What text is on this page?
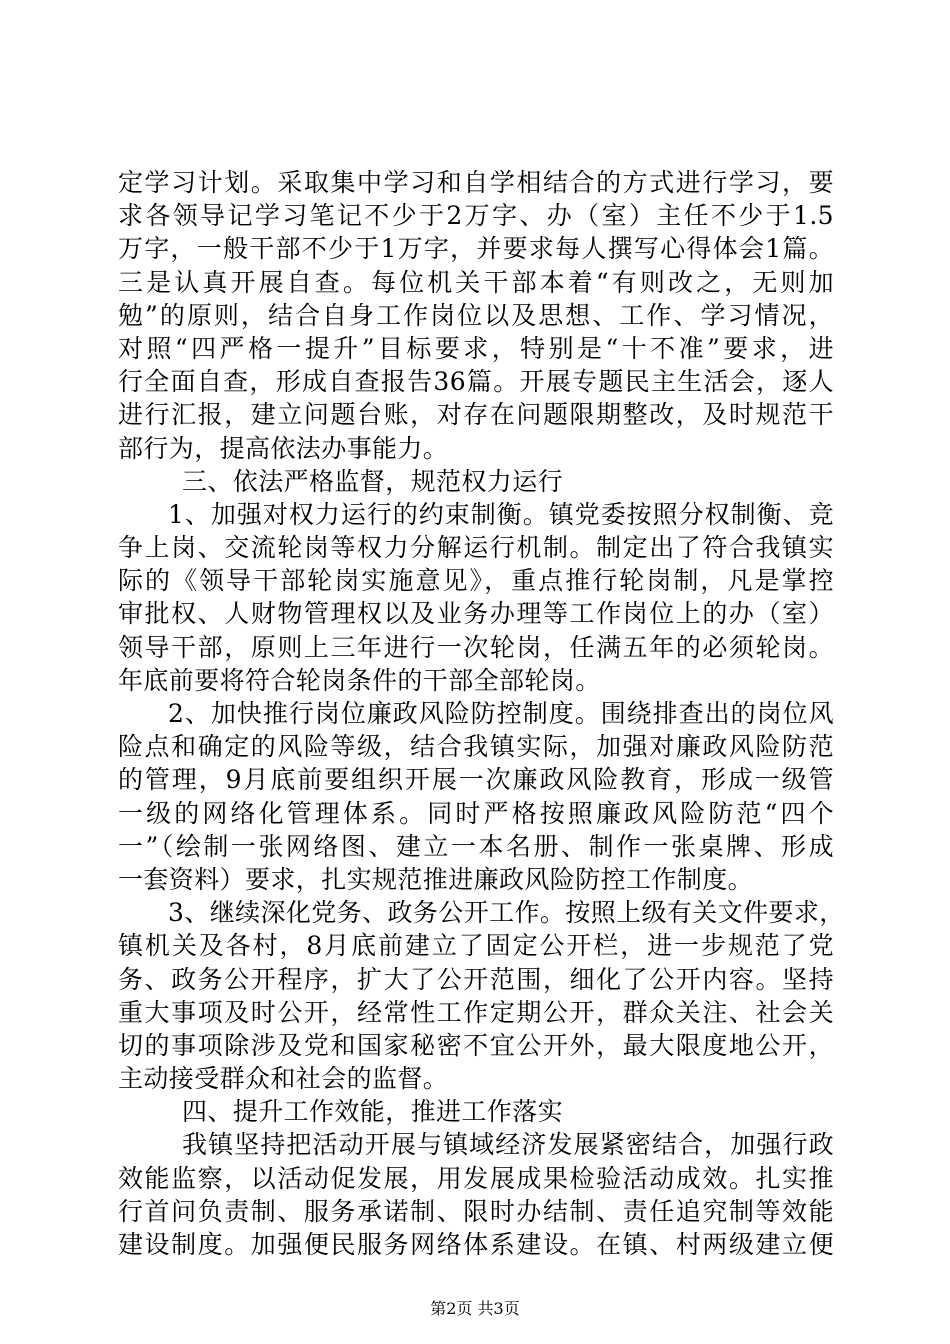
定学习计划。采取集中学习和自学相结合的方式进行学习，要
求各领导记学习笔记不少于2万字、办（室）主任不少于1.5
万字，一般干部不少于1万字，并要求每人撰写心得体会1篇。
三是认真开展自查。每位机关干部本着“有则改之，无则加
勉”的原则，结合自身工作岗位以及思想、工作、学习情况，
对照“四严格一提升”目标要求，特别是“十不准”要求，进
行全面自查，形成自查报告36篇。开展专题民主生活会，逐人
进行汇报，建立问题台账，对存在问题限期整改，及时规范干
部行为，提高依法办事能力。
三、依法严格监督，规范权力运行
1、加强对权力运行的约束制衡。镇党委按照分权制衡、竞
争上岗、交流轮岗等权力分解运行机制。制定出了符合我镇实
际的《领导干部轮岗实施意见》，重点推行轮岗制，凡是掌控
审批权、人财物管理权以及业务办理等工作岗位上的办（室）
领导干部，原则上三年进行一次轮岗，任满五年的必须轮岗。
年底前要将符合轮岗条件的干部全部轮岗。
2、加快推行岗位廉政风险防控制度。围绕排查出的岗位风
险点和确定的风险等级，结合我镇实际，加强对廉政风险防范
的管理，9月底前要组织开展一次廉政风险教育，形成一级管
一级的网络化管理体系。同时严格按照廉政风险防范“四个
一”（绘制一张网络图、建立一本名册、制作一张桌牌、形成
一套资料）要求，扎实规范推进廉政风险防控工作制度。
3、继续深化党务、政务公开工作。按照上级有关文件要求，
镇机关及各村，8月底前建立了固定公开栏，进一步规范了党
务、政务公开程序，扩大了公开范围，细化了公开内容。坚持
重大事项及时公开，经常性工作定期公开，群众关注、社会关
切的事项除涉及党和国家秘密不宜公开外，最大限度地公开，
主动接受群众和社会的监督。
四、提升工作效能，推进工作落实
我镇坚持把活动开展与镇域经济发展紧密结合，加强行政
效能监察，以活动促发展，用发展成果检验活动成效。扎实推
行首问负责制、服务承诺制、限时办结制、责任追究制等效能
建设制度。加强便民服务网络体系建设。在镇、村两级建立便
第2页 共3页
